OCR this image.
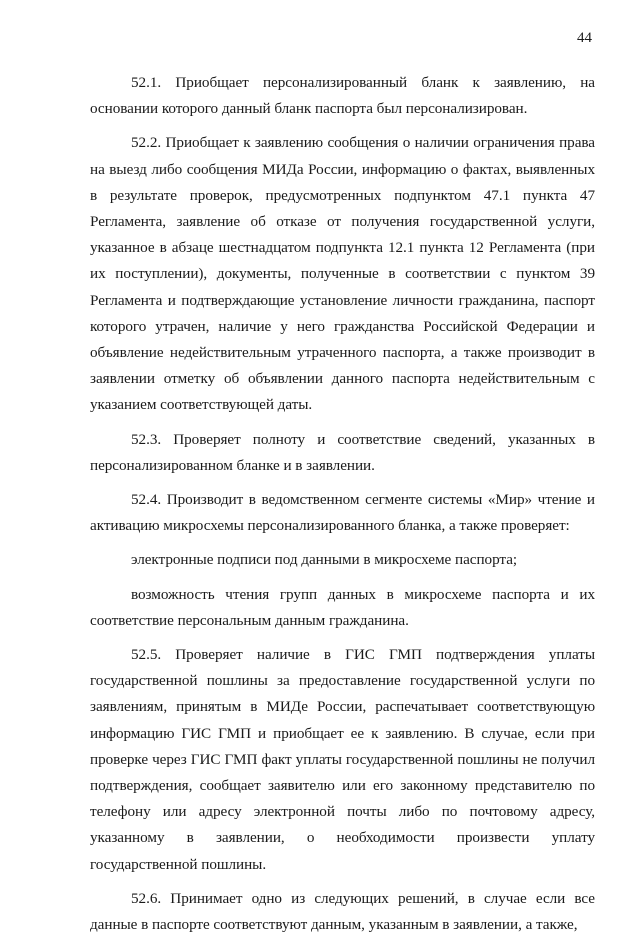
44

52.1. Приобщает персонализированный бланк к заявлению, на основании которого данный бланк паспорта был персонализирован.

52.2. Приобщает к заявлению сообщения о наличии ограничения права на выезд либо сообщения МИДа России, информацию о фактах, выявленных в результате проверок, предусмотренных подпунктом 47.1 пункта 47 Регламента, заявление об отказе от получения государственной услуги, указанное в абзаце шестнадцатом подпункта 12.1 пункта 12 Регламента (при их поступлении), документы, полученные в соответствии с пунктом 39 Регламента и подтверждающие установление личности гражданина, паспорт которого утрачен, наличие у него гражданства Российской Федерации и объявление недействительным утраченного паспорта, а также производит в заявлении отметку об объявлении данного паспорта недействительным с указанием соответствующей даты.

52.3. Проверяет полноту и соответствие сведений, указанных в персонализированном бланке и в заявлении.

52.4. Производит в ведомственном сегменте системы «Мир» чтение и активацию микросхемы персонализированного бланка, а также проверяет:

электронные подписи под данными в микросхеме паспорта;

возможность чтения групп данных в микросхеме паспорта и их соответствие персональным данным гражданина.

52.5. Проверяет наличие в ГИС ГМП подтверждения уплаты государственной пошлины за предоставление государственной услуги по заявлениям, принятым в МИДе России, распечатывает соответствующую информацию ГИС ГМП и приобщает ее к заявлению. В случае, если при проверке через ГИС ГМП факт уплаты государственной пошлины не получил подтверждения, сообщает заявителю или его законному представителю по телефону или адресу электронной почты либо по почтовому адресу, указанному в заявлении, о необходимости произвести уплату государственной пошлины.

52.6. Принимает одно из следующих решений, в случае если все данные в паспорте соответствуют данным, указанным в заявлении, а также,
